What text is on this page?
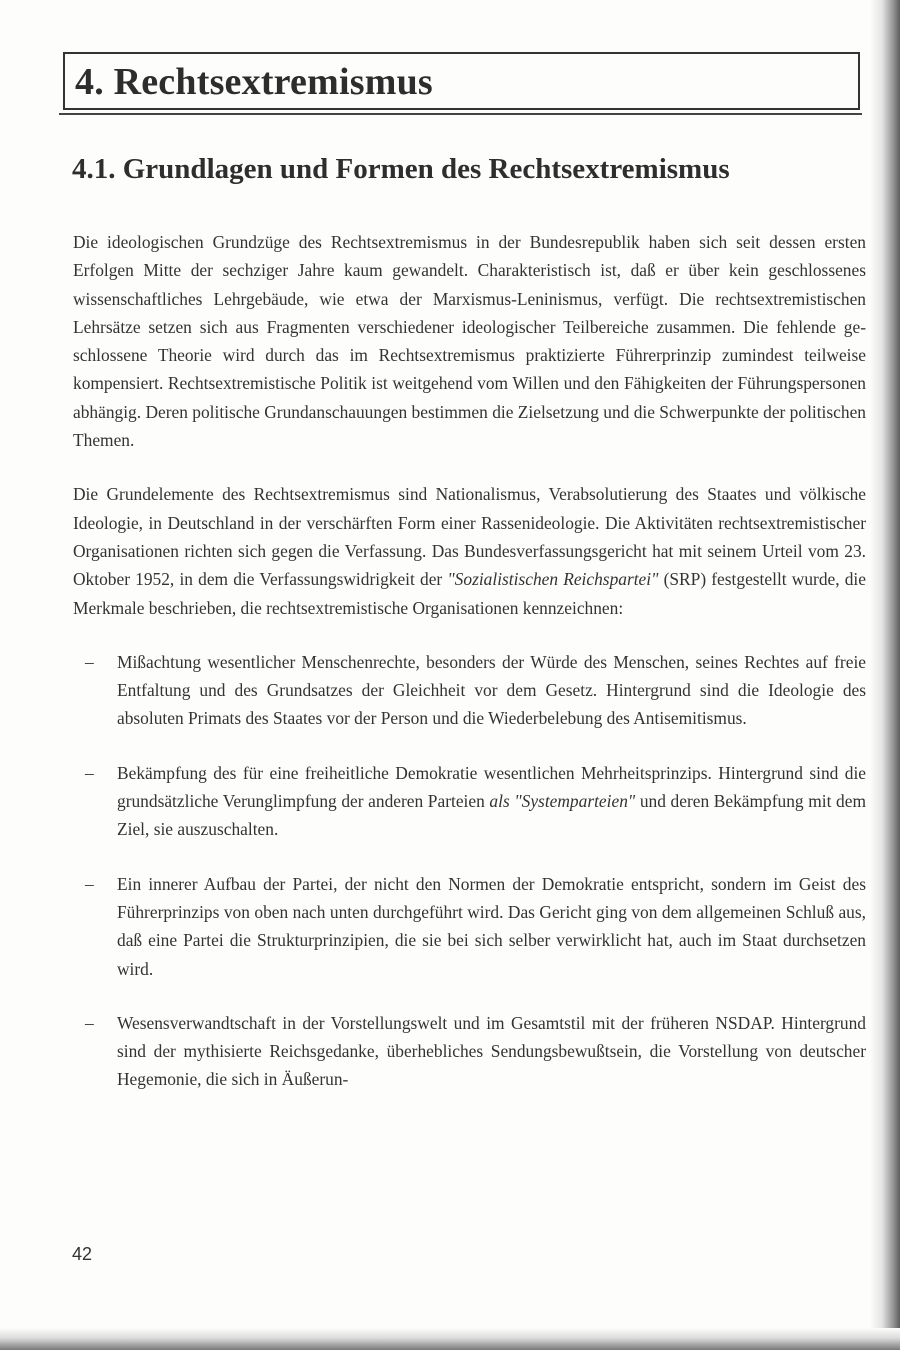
4. Rechtsextremismus
4.1. Grundlagen und Formen des Rechtsextremismus

Die ideologischen Grundzüge des Rechtsextremismus in der Bundesrepublik haben sich seit dessen ersten Erfolgen Mitte der sechziger Jahre kaum gewandelt. Charakteristisch ist, daß er über kein geschlossenes wissenschaftliches Lehrgebäude, wie etwa der Marxismus-Leninismus, verfügt. Die rechtsextremistischen Lehrsätze setzen sich aus Fragmenten verschiedener ideologischer Teilbereiche zusammen. Die fehlende geschlossene Theorie wird durch das im Rechtsextremismus praktizierte Führerprinzip zumindest teilweise kompensiert. Rechtsextremistische Politik ist weitgehend vom Willen und den Fähigkeiten der Führungspersonen abhängig. Deren politische Grundanschauungen bestimmen die Zielsetzung und die Schwerpunkte der politischen Themen.

Die Grundelemente des Rechtsextremismus sind Nationalismus, Verabsolutierung des Staates und völkische Ideologie, in Deutschland in der verschärften Form einer Rassenideologie. Die Aktivitäten rechtsextremistischer Organisationen richten sich gegen die Verfassung. Das Bundesverfassungsgericht hat mit seinem Urteil vom 23. Oktober 1952, in dem die Verfassungswidrigkeit der "Sozialistischen Reichspartei" (SRP) festgestellt wurde, die Merkmale beschrieben, die rechtsextremistische Organisationen kennzeichnen:

– Mißachtung wesentlicher Menschenrechte, besonders der Würde des Menschen, seines Rechtes auf freie Entfaltung und des Grundsatzes der Gleichheit vor dem Gesetz. Hintergrund sind die Ideologie des absoluten Primats des Staates vor der Person und die Wiederbelebung des Antisemitismus.
– Bekämpfung des für eine freiheitliche Demokratie wesentlichen Mehrheitsprinzips. Hintergrund sind die grundsätzliche Verunglimpfung der anderen Parteien als "Systemparteien" und deren Bekämpfung mit dem Ziel, sie auszuschalten.
– Ein innerer Aufbau der Partei, der nicht den Normen der Demokratie entspricht, sondern im Geist des Führerprinzips von oben nach unten durchgeführt wird. Das Gericht ging von dem allgemeinen Schluß aus, daß eine Partei die Strukturprinzipien, die sie bei sich selber verwirklicht hat, auch im Staat durchsetzen wird.
– Wesensverwandtschaft in der Vorstellungswelt und im Gesamtstil mit der früheren NSDAP. Hintergrund sind der mythisierte Reichsgedanke, überhebliches Sendungsbewußtsein, die Vorstellung von deutscher Hegemonie, die sich in Äußerun-
42
